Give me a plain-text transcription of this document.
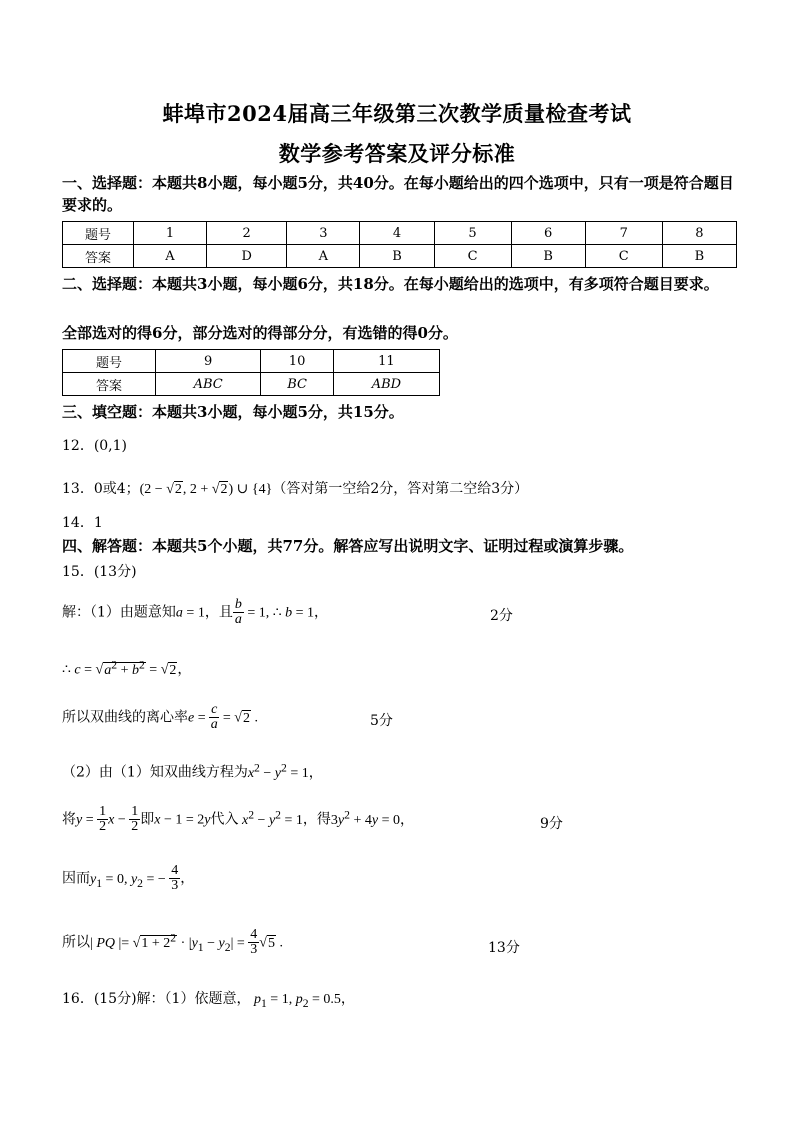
蚌埠市2024届高三年级第三次教学质量检查考试
数学参考答案及评分标准
一、选择题：本题共8小题，每小题5分，共40分。在每小题给出的四个选项中，只有一项是符合题目要求的。
题号	1	2	3	4	5	6	7	8
答案	A	D	A	B	C	B	C	B
二、选择题：本题共3小题，每小题6分，共18分。在每小题给出的选项中，有多项符合题目要求。
全部选对的得6分，部分选对的得部分分，有选错的得0分。
题号	9	10	11
答案	ABC	BC	ABD
三、填空题：本题共3小题，每小题5分，共15分。
12．(0,1)
13．0或4；(2 − √2, 2 + √2) ∪ {4}（答对第一空给2分，答对第二空给3分）
14．1
四、解答题：本题共5个小题，共77分。解答应写出说明文字、证明过程或演算步骤。
15．(13分)
解：（1）由题意知a = 1，且 $\frac{b}{a} = 1$, ∴ b = 1，	2分
∴ $c = √a^2 + b^2 = √2$，
所以双曲线的离心率$e = \frac{c}{a} = √2$ .	5分
（2）由（1）知双曲线方程为$x^2 - y^2 = 1$，
将$y = \frac{1}{2}$ $x - \frac{1}{2}$ 即x − 1 = 2y代入 $x^2 - y^2 = 1$，得$3y^2 + 4y = 0$，	9分
因而$y_1 = 0$, $y_2$ = − $\frac{4}{3}$ ，
所以| PQ |= $√1 + 2^2 \cdot |y_1 - y_2| = \frac{4}{3} √5$ .	13分
16．(15分)解：（1）依题意， $p_1 = 1$, $p_2 = 0.5$，
